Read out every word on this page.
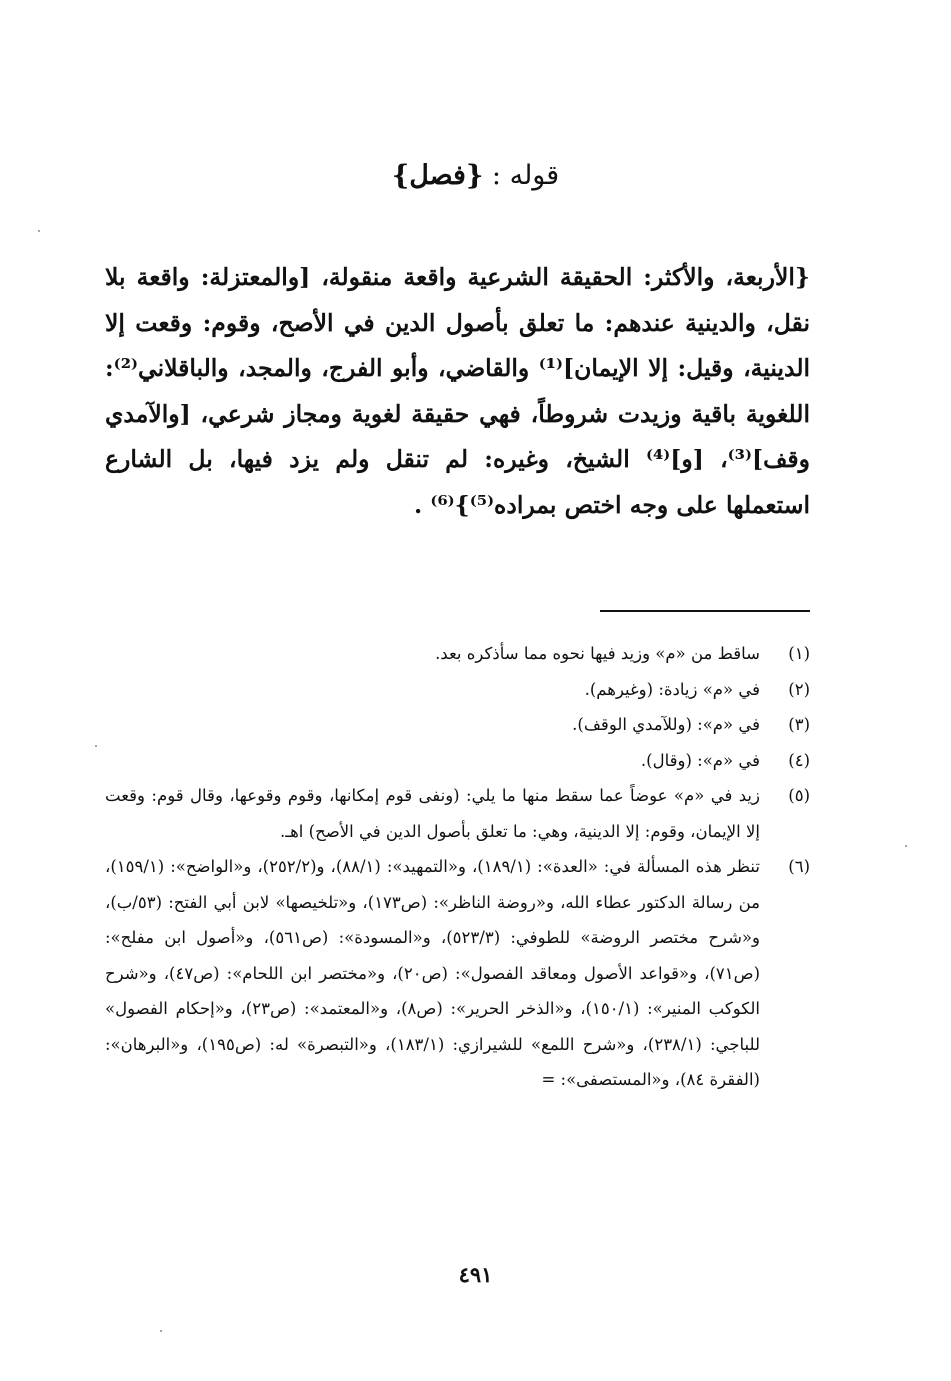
قوله : {فصل}
{الأربعة، والأكثر: الحقيقة الشرعية واقعة منقولة، [والمعتزلة: واقعة بلا نقل، والدينية عندهم: ما تعلق بأصول الدين في الأصح، وقوم: وقعت إلا الدينية، وقيل: إلا الإيمان]⁽¹⁾ والقاضي، وأبو الفرج، والمجد، والباقلاني⁽²⁾: اللغوية باقية وزيدت شروطاً، فهي حقيقة لغوية ومجاز شرعي، [والآمدي وقف]⁽³⁾، [و]⁽⁴⁾ الشيخ، وغيره: لم تنقل ولم يزد فيها، بل الشارع استعملها على وجه اختص بمراده⁽⁵⁾}⁽⁶⁾ .
(١)
ساقط من «م» وزيد فيها نحوه مما سأذكره بعد.
(٢)
في «م» زيادة: (وغيرهم).
(٣)
في «م»: (وللآمدي الوقف).
(٤)
في «م»: (وقال).
(٥)
زيد في «م» عوضاً عما سقط منها ما يلي: (ونفى قوم إمكانها، وقوم وقوعها، وقال قوم: وقعت إلا الإيمان، وقوم: إلا الدينية، وهي: ما تعلق بأصول الدين في الأصح) اهـ.
(٦)
تنظر هذه المسألة في: «العدة»: (١٨٩/١)، و«التمهيد»: (٨٨/١)، و(٢٥٢/٢)، و«الواضح»: (١٥٩/١)، من رسالة الدكتور عطاء الله، و«روضة الناظر»: (ص١٧٣)، و«تلخيصها» لابن أبي الفتح: (٥٣/ب)، و«شرح مختصر الروضة» للطوفي: (٥٢٣/٣)، و«المسودة»: (ص٥٦١)، و«أصول ابن مفلح»: (ص٧١)، و«قواعد الأصول ومعاقد الفصول»: (ص٢٠)، و«مختصر ابن اللحام»: (ص٤٧)، و«شرح الكوكب المنير»: (١٥٠/١)، و«الذخر الحرير»: (ص٨)، و«المعتمد»: (ص٢٣)، و«إحكام الفصول» للباجي: (٢٣٨/١)، و«شرح اللمع» للشيرازي: (١٨٣/١)، و«التبصرة» له: (ص١٩٥)، و«البرهان»: (الفقرة ٨٤)، و«المستصفى»: =
٤٩١
